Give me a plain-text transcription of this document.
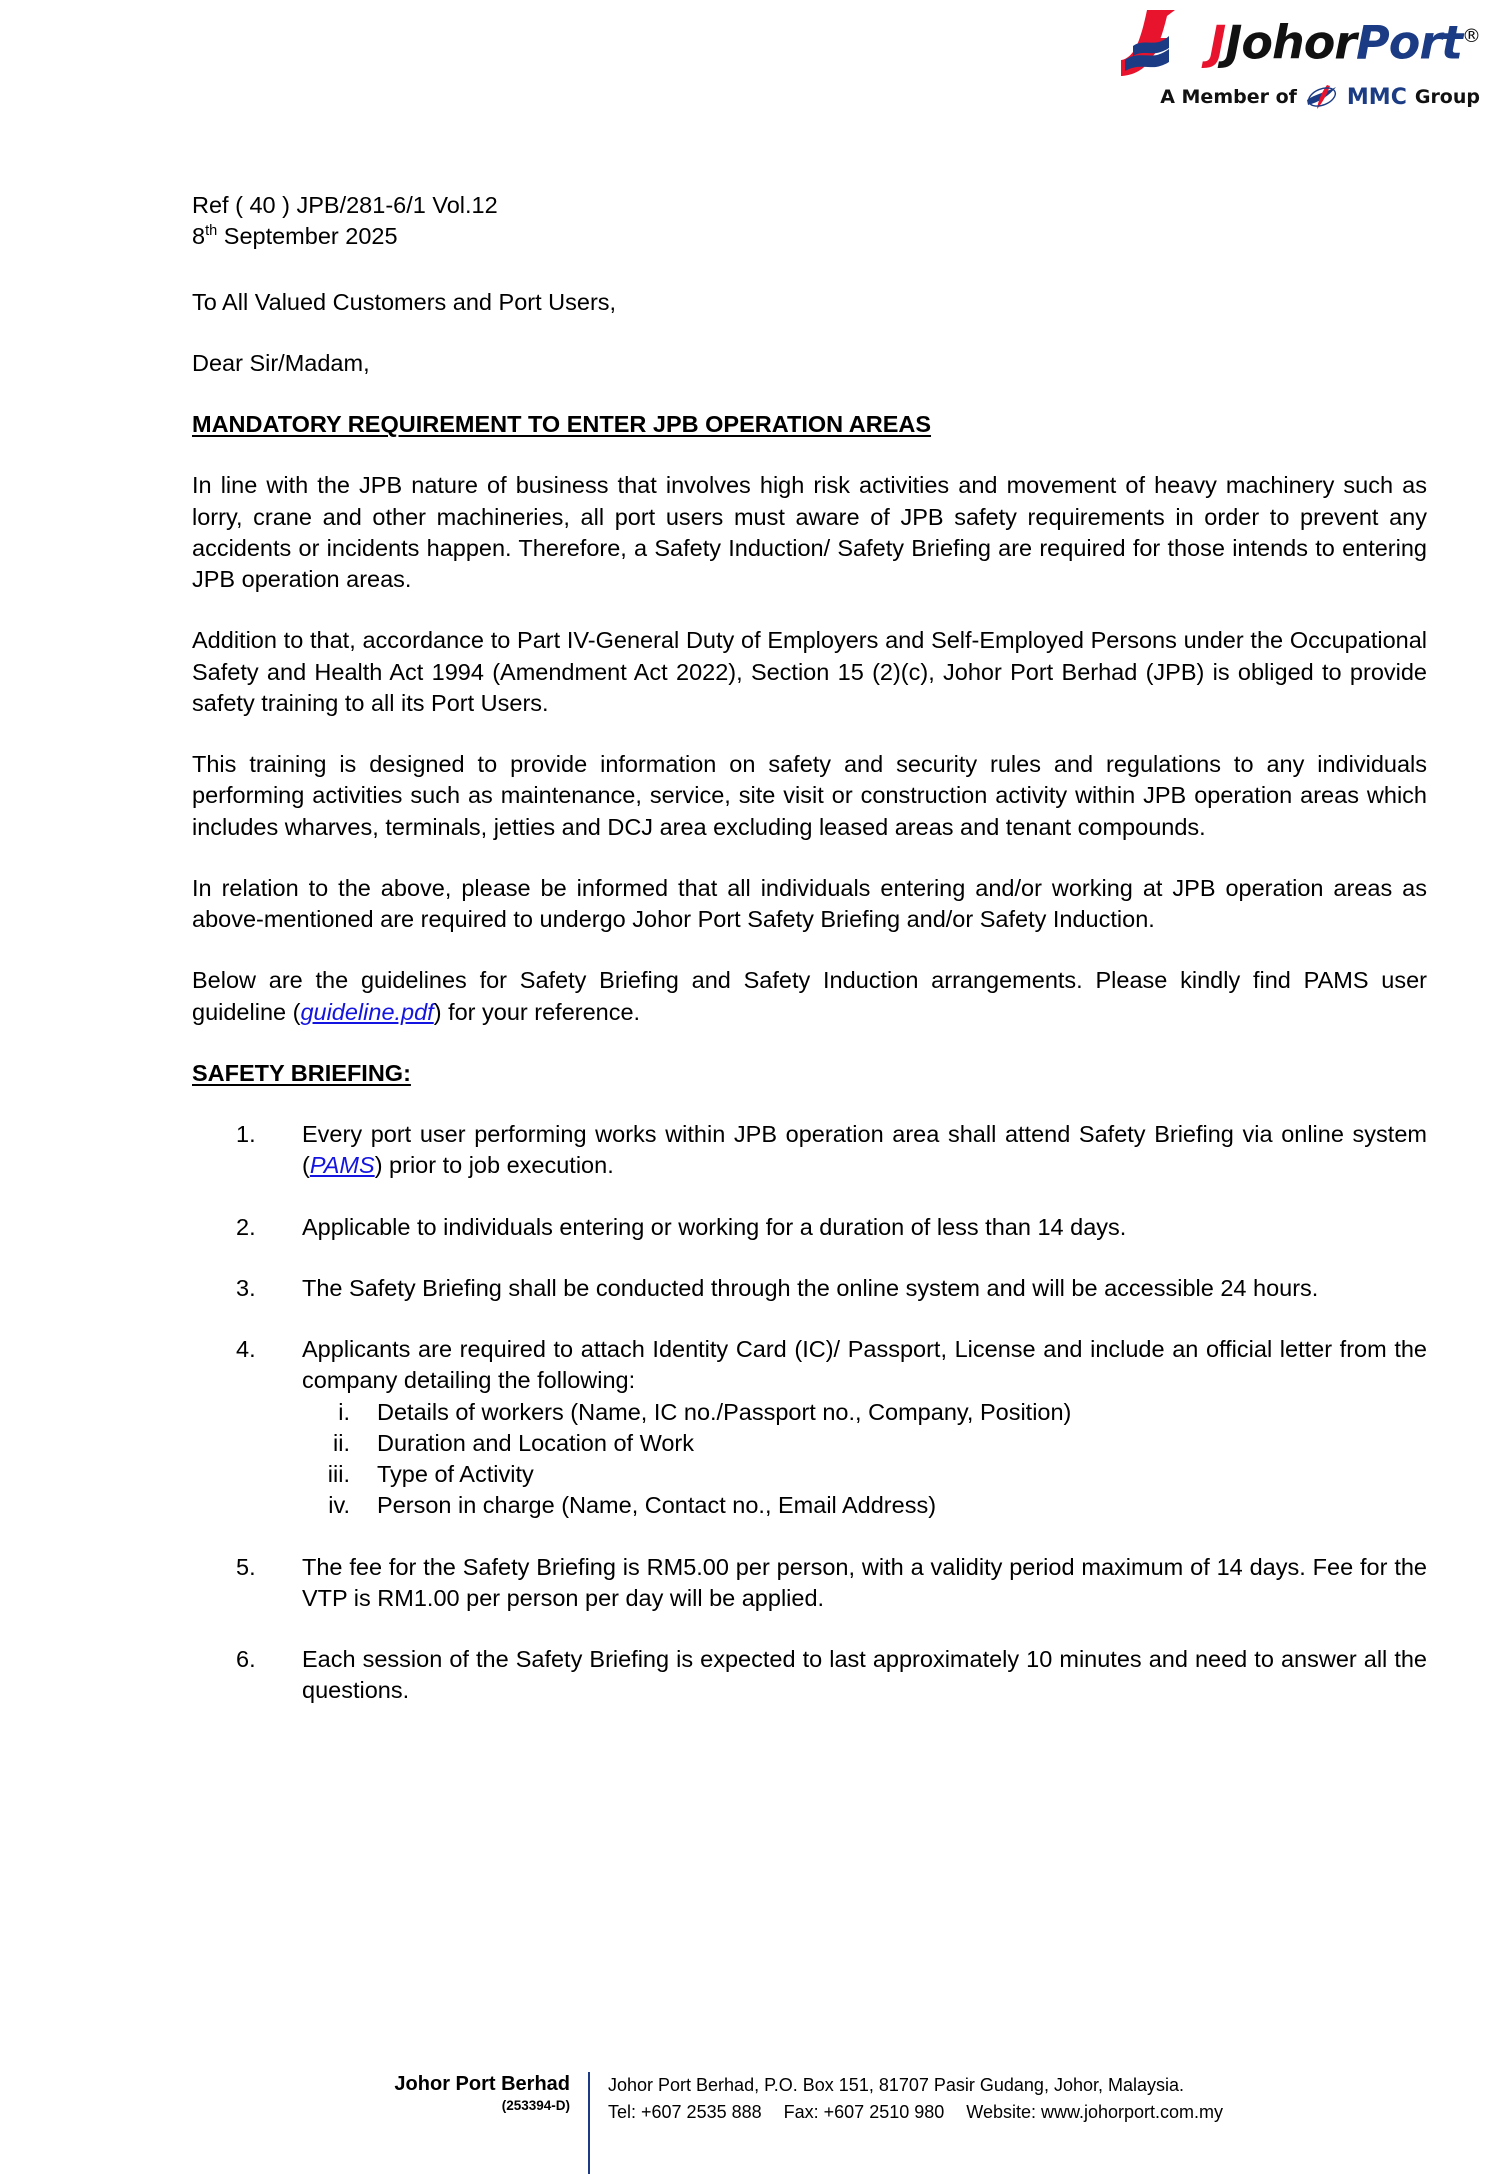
JJohorPort®
A Member of MMC Group
Ref ( 40 ) JPB/281-6/1 Vol.12
8th September 2025

To All Valued Customers and Port Users,

Dear Sir/Madam,

MANDATORY REQUIREMENT TO ENTER JPB OPERATION AREAS

In line with the JPB nature of business that involves high risk activities and movement of heavy machinery such as lorry, crane and other machineries, all port users must aware of JPB safety requirements in order to prevent any accidents or incidents happen. Therefore, a Safety Induction/ Safety Briefing are required for those intends to entering JPB operation areas.

Addition to that, accordance to Part IV-General Duty of Employers and Self-Employed Persons under the Occupational Safety and Health Act 1994 (Amendment Act 2022), Section 15 (2)(c), Johor Port Berhad (JPB) is obliged to provide safety training to all its Port Users.

This training is designed to provide information on safety and security rules and regulations to any individuals performing activities such as maintenance, service, site visit or construction activity within JPB operation areas which includes wharves, terminals, jetties and DCJ area excluding leased areas and tenant compounds.

In relation to the above, please be informed that all individuals entering and/or working at JPB operation areas as above-mentioned are required to undergo Johor Port Safety Briefing and/or Safety Induction.

Below are the guidelines for Safety Briefing and Safety Induction arrangements. Please kindly find PAMS user guideline (guideline.pdf) for your reference.

SAFETY BRIEFING:

1.	Every port user performing works within JPB operation area shall attend Safety Briefing via online system (PAMS) prior to job execution.
2.	Applicable to individuals entering or working for a duration of less than 14 days.
3.	The Safety Briefing shall be conducted through the online system and will be accessible 24 hours.
4.	Applicants are required to attach Identity Card (IC)/ Passport, License and include an official letter from the company detailing the following:
i.	Details of workers (Name, IC no./Passport no., Company, Position)
ii.	Duration and Location of Work
iii.	Type of Activity
iv.	Person in charge (Name, Contact no., Email Address)
5.	The fee for the Safety Briefing is RM5.00 per person, with a validity period maximum of 14 days. Fee for the VTP is RM1.00 per person per day will be applied.
6.	Each session of the Safety Briefing is expected to last approximately 10 minutes and need to answer all the questions.
Johor Port Berhad
(253394-D)
Johor Port Berhad, P.O. Box 151, 81707 Pasir Gudang, Johor, Malaysia.
Tel: +607 2535 888 Fax: +607 2510 980 Website: www.johorport.com.my
